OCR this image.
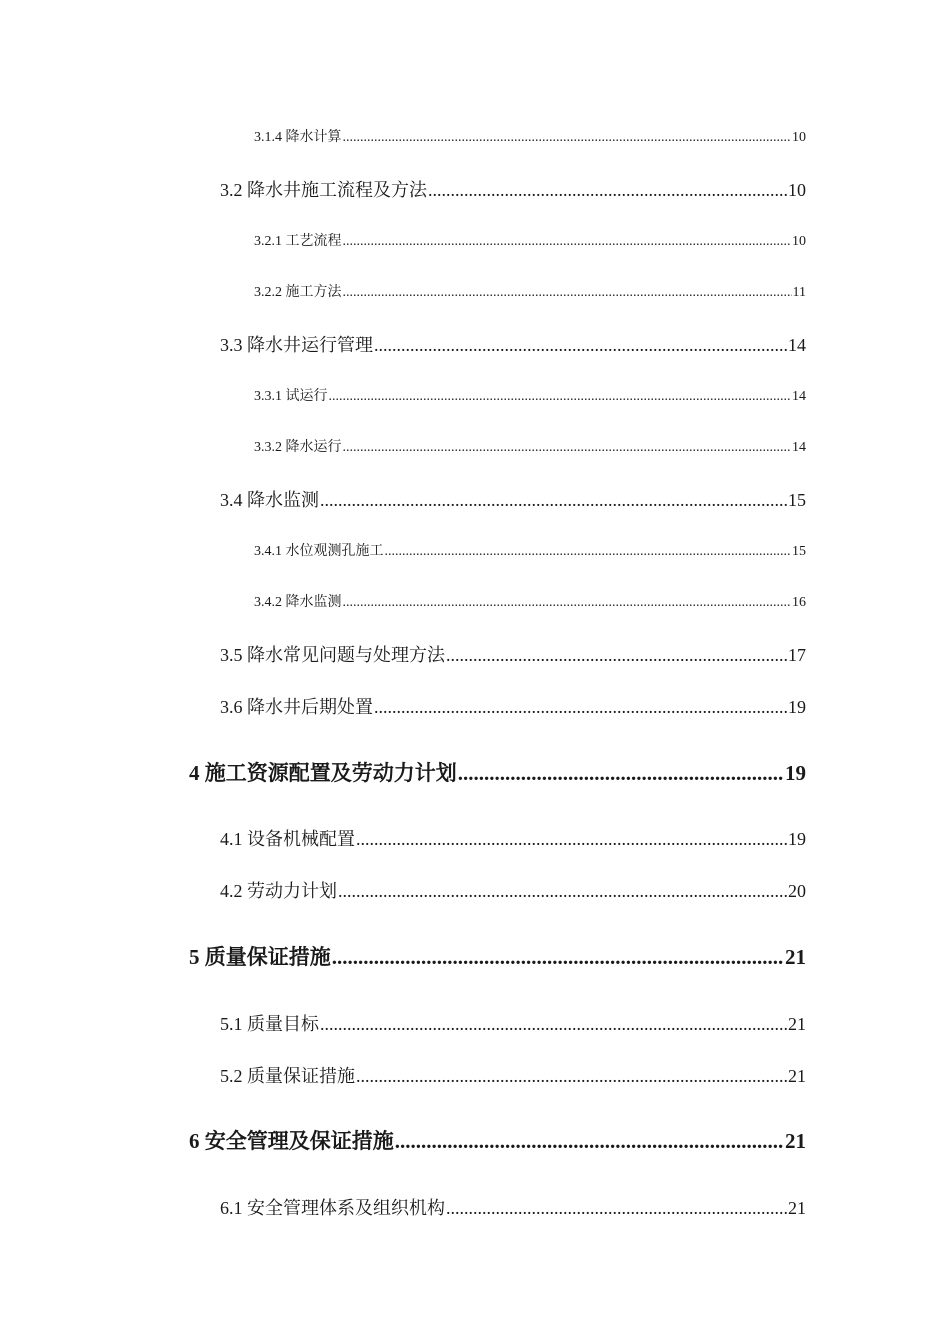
3.1.4 降水计算 .....	10
3.2 降水井施工流程及方法 .....	10
3.2.1 工艺流程 .....	10
3.2.2 施工方法 .....	11
3.3 降水井运行管理 .....	14
3.3.1 试运行 .....	14
3.3.2 降水运行 .....	14
3.4 降水监测 .....	15
3.4.1 水位观测孔施工 .....	15
3.4.2 降水监测 .....	16
3.5 降水常见问题与处理方法 .....	17
3.6 降水井后期处置 .....	19
4 施工资源配置及劳动力计划 .....	19
4.1 设备机械配置 .....	19
4.2 劳动力计划 .....	20
5 质量保证措施 .....	21
5.1 质量目标 .....	21
5.2 质量保证措施 .....	21
6 安全管理及保证措施 .....	21
6.1 安全管理体系及组织机构 .....	21
